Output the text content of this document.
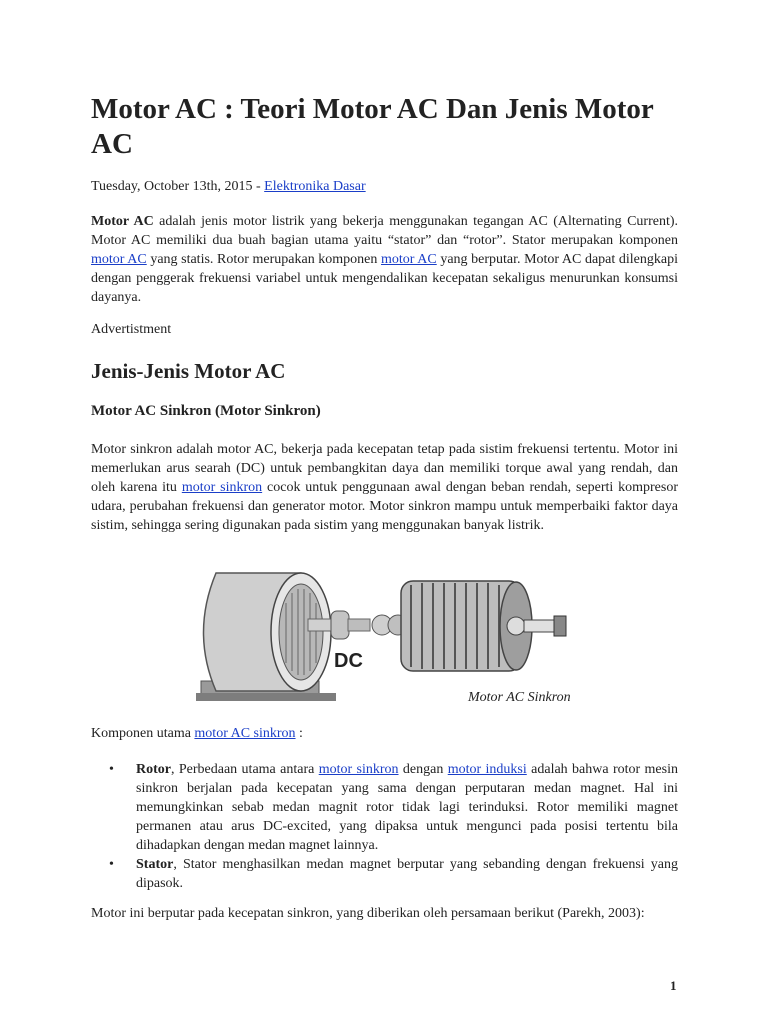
Motor AC : Teori Motor AC Dan Jenis Motor AC
Tuesday, October 13th, 2015 - Elektronika Dasar

Motor AC adalah jenis motor listrik yang bekerja menggunakan tegangan AC (Alternating Current). Motor AC memiliki dua buah bagian utama yaitu “stator” dan “rotor”. Stator merupakan komponen motor AC yang statis. Rotor merupakan komponen motor AC yang berputar. Motor AC dapat dilengkapi dengan penggerak frekuensi variabel untuk mengendalikan kecepatan sekaligus menurunkan konsumsi dayanya.

Advertistment
Jenis-Jenis Motor AC
Motor AC Sinkron (Motor Sinkron)

Motor sinkron adalah motor AC, bekerja pada kecepatan tetap pada sistim frekuensi tertentu. Motor ini memerlukan arus searah (DC) untuk pembangkitan daya dan memiliki torque awal yang rendah, dan oleh karena itu motor sinkron cocok untuk penggunaan awal dengan beban rendah, seperti kompresor udara, perubahan frekuensi dan generator motor. Motor sinkron mampu untuk memperbaiki faktor daya sistim, sehingga sering digunakan pada sistim yang menggunakan banyak listrik.

DC
Motor AC Sinkron
Komponen utama motor AC sinkron :
• Rotor, Perbedaan utama antara motor sinkron dengan motor induksi adalah bahwa rotor mesin sinkron berjalan pada kecepatan yang sama dengan perputaran medan magnet. Hal ini memungkinkan sebab medan magnit rotor tidak lagi terinduksi. Rotor memiliki magnet permanen atau arus DC-excited, yang dipaksa untuk mengunci pada posisi tertentu bila dihadapkan dengan medan magnet lainnya.
• Stator, Stator menghasilkan medan magnet berputar yang sebanding dengan frekuensi yang dipasok.

Motor ini berputar pada kecepatan sinkron, yang diberikan oleh persamaan berikut (Parekh, 2003):

1
